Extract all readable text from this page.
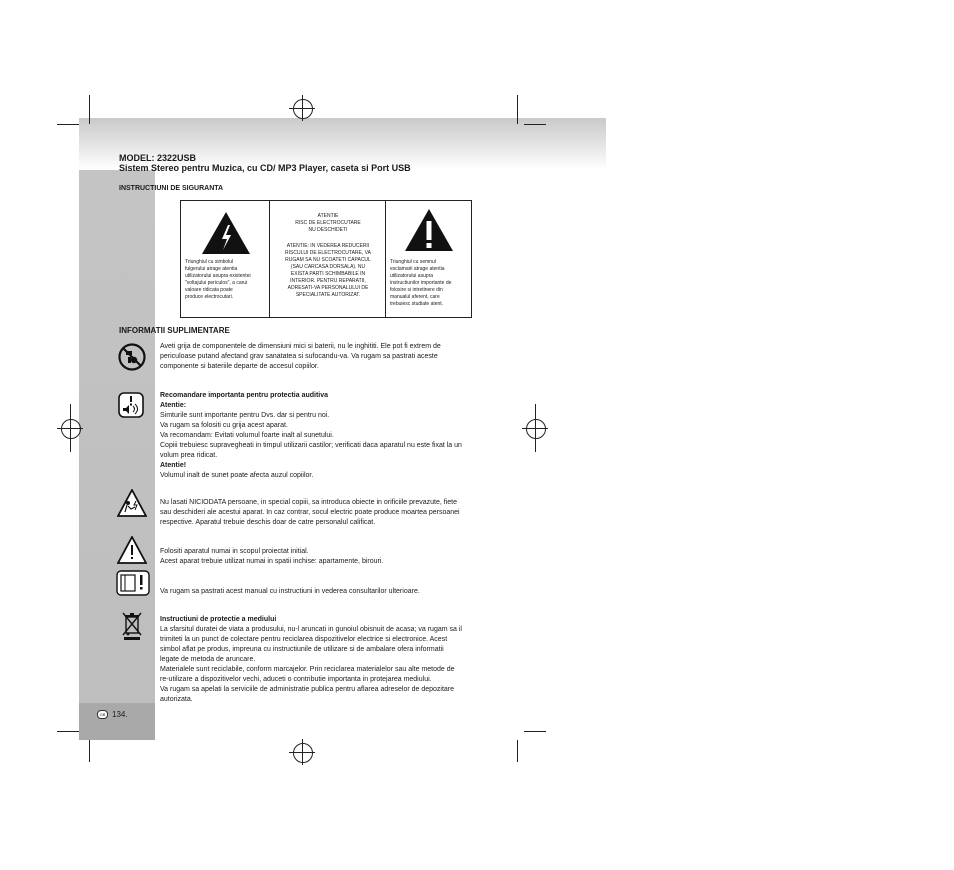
MODEL: 2322USB
Sistem Stereo pentru Muzica, cu CD/ MP3 Player, caseta si Port USB
INSTRUCTIUNI DE SIGURANTA
Triunghiul cu simbolul
fulgerului atrage atentia
utilizatorului asupra existentei
"voltajului periculos", a carui
valoare ridicata poate
produce electrocutari.
ATENTIE
RISC DE ELECTROCUTARE
NU DESCHIDETI
ATENTIE: IN VEDEREA REDUCERII
RISCULUI DE ELECTROCUTARE, VA
RUGAM SA NU SCOATETI CAPACUL
(SAU CARCASA DORSALA). NU
EXISTA PARTI SCHIMBABILE IN
INTERIOR. PENTRU REPARATII,
ADRESATI-VA PERSONALULUI DE
SPECIALITATE AUTORIZAT.
Triunghiul cu semnul
exclamarii atrage atentia
utilizatorului asupra
instructiunilor importante de
folosire si intretinere din
manualul aferent, care
trebuiesc studiate atent.
INFORMATII SUPLIMENTARE
Aveti grija de componentele de dimensiuni mici si baterii, nu le inghititi. Ele pot fi extrem de
periculoase putand afectand grav sanatatea si sufocandu-va. Va rugam sa pastrati aceste
componente si bateriile departe de accesul copiilor.
Recomandare importanta pentru protectia auditiva
Atentie:
Simturile sunt importante pentru Dvs. dar si pentru noi.
Va rugam sa folositi cu grija acest aparat.
Va recomandam: Evitati volumul foarte inalt al sunetului.
Copiii trebuiesc supravegheati in timpul utilizarii castilor; verificati daca aparatul nu este fixat la un
volum prea ridicat.
Atentie!
Volumul inalt de sunet poate afecta auzul copiilor.
Nu lasati NICIODATA persoane, in special copiii, sa introduca obiecte in orificiile prevazute, fiete
sau deschideri ale acestui aparat. In caz contrar, socul electric poate produce moartea persoanei
respective. Aparatul trebuie deschis doar de catre personalul calificat.
Folositi aparatul numai in scopul proiectat initial.
Acest aparat trebuie utilizat numai in spatii inchise: apartamente, birouri.
Va rugam sa pastrati acest manual cu instructiuni in vederea consultarilor ulterioare.
Instructiuni de protectie a mediului
La sfarsitul duratei de viata a produsului, nu-l aruncati in gunoiul obisnuit de acasa; va rugam sa il
trimiteti la un punct de colectare pentru reciclarea dispozitivelor electrice si electronice. Acest
simbol aflat pe produs, impreuna cu instructiunile de utilizare si de ambalare ofera informatii
legate de metoda de aruncare.
Materialele sunt reciclabile, conform marcajelor. Prin reciclarea materialelor sau alte metode de
re-utilizare a dispozitivelor vechi, aduceti o contributie importanta in protejarea mediului.
Va rugam sa apelati la serviciile de administratie publica pentru aflarea adreselor de depozitare
autorizata.
GB 134.
